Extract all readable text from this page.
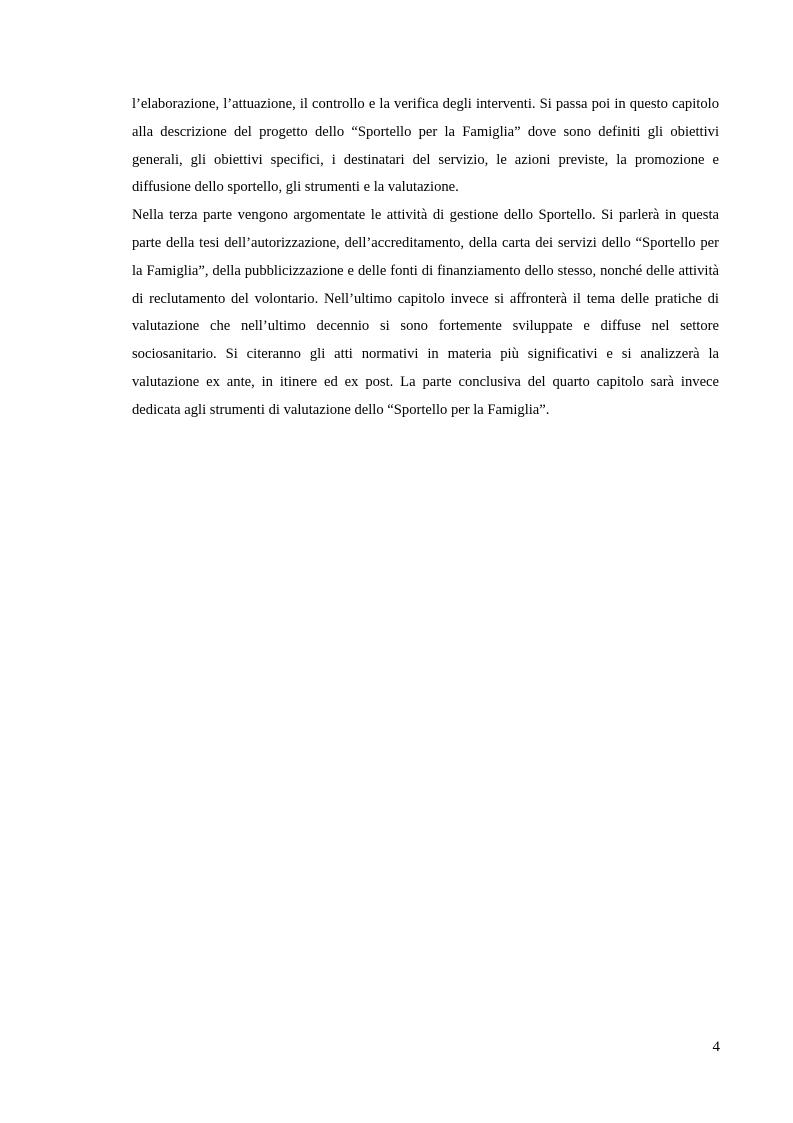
l’elaborazione, l’attuazione, il controllo e la verifica degli interventi. Si passa poi in questo capitolo alla descrizione del progetto dello “Sportello per la Famiglia” dove sono definiti gli obiettivi generali, gli obiettivi specifici, i destinatari del servizio, le azioni previste, la promozione e diffusione dello sportello, gli strumenti e la valutazione.

Nella terza parte vengono argomentate le attività di gestione dello Sportello. Si parlerà in questa parte della tesi dell’autorizzazione, dell’accreditamento, della carta dei servizi dello “Sportello per la Famiglia”, della pubblicizzazione e delle fonti di finanziamento dello stesso, nonché delle attività di reclutamento del volontario. Nell’ultimo capitolo invece si affronterà il tema delle pratiche di valutazione che nell’ultimo decennio si sono fortemente sviluppate e diffuse nel settore sociosanitario. Si citeranno gli atti normativi in materia più significativi e si analizzerà la valutazione ex ante, in itinere ed ex post. La parte conclusiva del quarto capitolo sarà invece dedicata agli strumenti di valutazione dello “Sportello per la Famiglia”.

4
